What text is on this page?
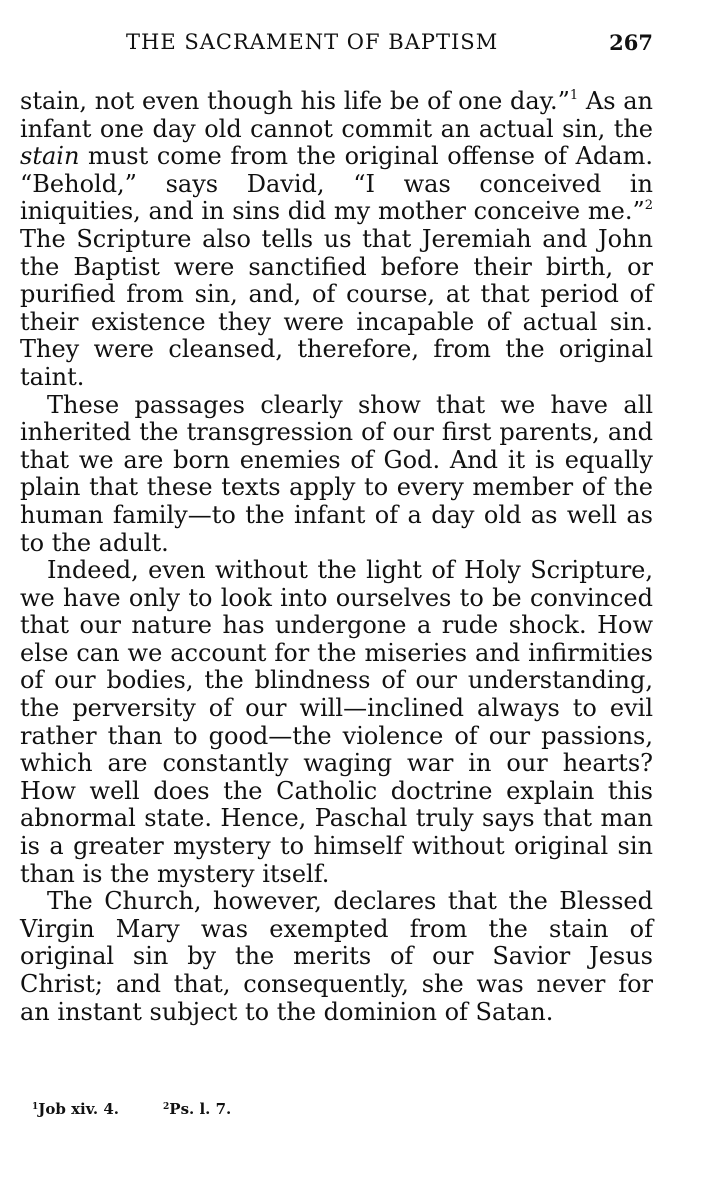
THE SACRAMENT OF BAPTISM	267

stain, not even though his life be of one day.”$^1$ As an infant one day old cannot commit an actual sin, the stain must come from the original offense of Adam. “Behold,” says David, “I was conceived in iniquities, and in sins did my mother conceive me.”$^2$ The Scripture also tells us that Jeremiah and John the Baptist were sanctified before their birth, or purified from sin, and, of course, at that period of their existence they were incapable of actual sin. They were cleansed, therefore, from the original taint.

These passages clearly show that we have all inherited the transgression of our first parents, and that we are born enemies of God. And it is equally plain that these texts apply to every member of the human family—to the infant of a day old as well as to the adult.

Indeed, even without the light of Holy Scripture, we have only to look into ourselves to be convinced that our nature has undergone a rude shock. How else can we account for the miseries and infirmities of our bodies, the blindness of our understanding, the perversity of our will—inclined always to evil rather than to good—the violence of our passions, which are constantly waging war in our hearts? How well does the Catholic doctrine explain this abnormal state. Hence, Paschal truly says that man is a greater mystery to himself without original sin than is the mystery itself.

The Church, however, declares that the Blessed Virgin Mary was exempted from the stain of original sin by the merits of our Savior Jesus Christ; and that, consequently, she was never for an instant subject to the dominion of Satan.

$^1$Job xiv. 4.	$^2$Ps. l. 7.
